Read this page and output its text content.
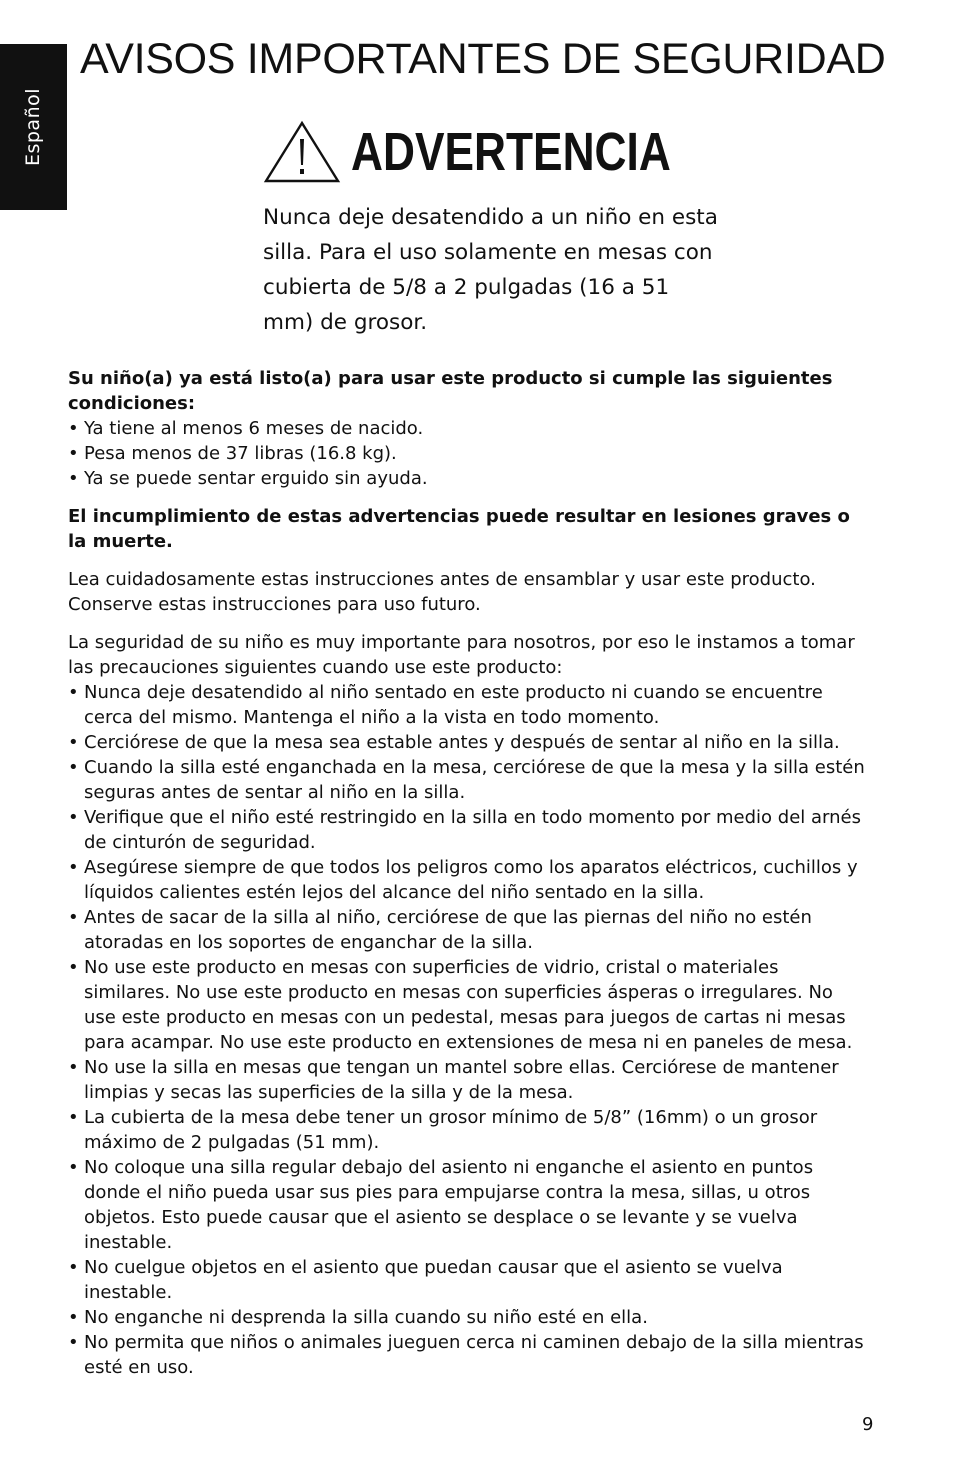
Español
AVISOS IMPORTANTES DE SEGURIDAD
ADVERTENCIA

Nunca deje desatendido a un niño en esta silla. Para el uso solamente en mesas con cubierta de 5/8 a 2 pulgadas (16 a 51 mm) de grosor.

Su niño(a) ya está listo(a) para usar este producto si cumple las siguientes condiciones:

• Ya tiene al menos 6 meses de nacido.
• Pesa menos de 37 libras (16.8 kg).
• Ya se puede sentar erguido sin ayuda.

El incumplimiento de estas advertencias puede resultar en lesiones graves o la muerte.

Lea cuidadosamente estas instrucciones antes de ensamblar y usar este producto. Conserve estas instrucciones para uso futuro.

La seguridad de su niño es muy importante para nosotros, por eso le instamos a tomar las precauciones siguientes cuando use este producto:

• Nunca deje desatendido al niño sentado en este producto ni cuando se encuentre cerca del mismo. Mantenga el niño a la vista en todo momento.
• Cerciórese de que la mesa sea estable antes y después de sentar al niño en la silla.
• Cuando la silla esté enganchada en la mesa, cerciórese de que la mesa y la silla estén seguras antes de sentar al niño en la silla.
• Verifique que el niño esté restringido en la silla en todo momento por medio del arnés de cinturón de seguridad.
• Asegúrese siempre de que todos los peligros como los aparatos eléctricos, cuchillos y líquidos calientes estén lejos del alcance del niño sentado en la silla.
• Antes de sacar de la silla al niño, cerciórese de que las piernas del niño no estén atoradas en los soportes de enganchar de la silla.
• No use este producto en mesas con superficies de vidrio, cristal o materiales similares. No use este producto en mesas con superficies ásperas o irregulares. No use este producto en mesas con un pedestal, mesas para juegos de cartas ni mesas para acampar. No use este producto en extensiones de mesa ni en paneles de mesa.
• No use la silla en mesas que tengan un mantel sobre ellas. Cerciórese de mantener limpias y secas las superficies de la silla y de la mesa.
• La cubierta de la mesa debe tener un grosor mínimo de 5/8” (16mm) o un grosor máximo de 2 pulgadas (51 mm).
• No coloque una silla regular debajo del asiento ni enganche el asiento en puntos donde el niño pueda usar sus pies para empujarse contra la mesa, sillas, u otros objetos. Esto puede causar que el asiento se desplace o se levante y se vuelva inestable.
• No cuelgue objetos en el asiento que puedan causar que el asiento se vuelva inestable.
• No enganche ni desprenda la silla cuando su niño esté en ella.
• No permita que niños o animales jueguen cerca ni caminen debajo de la silla mientras esté en uso.
9
